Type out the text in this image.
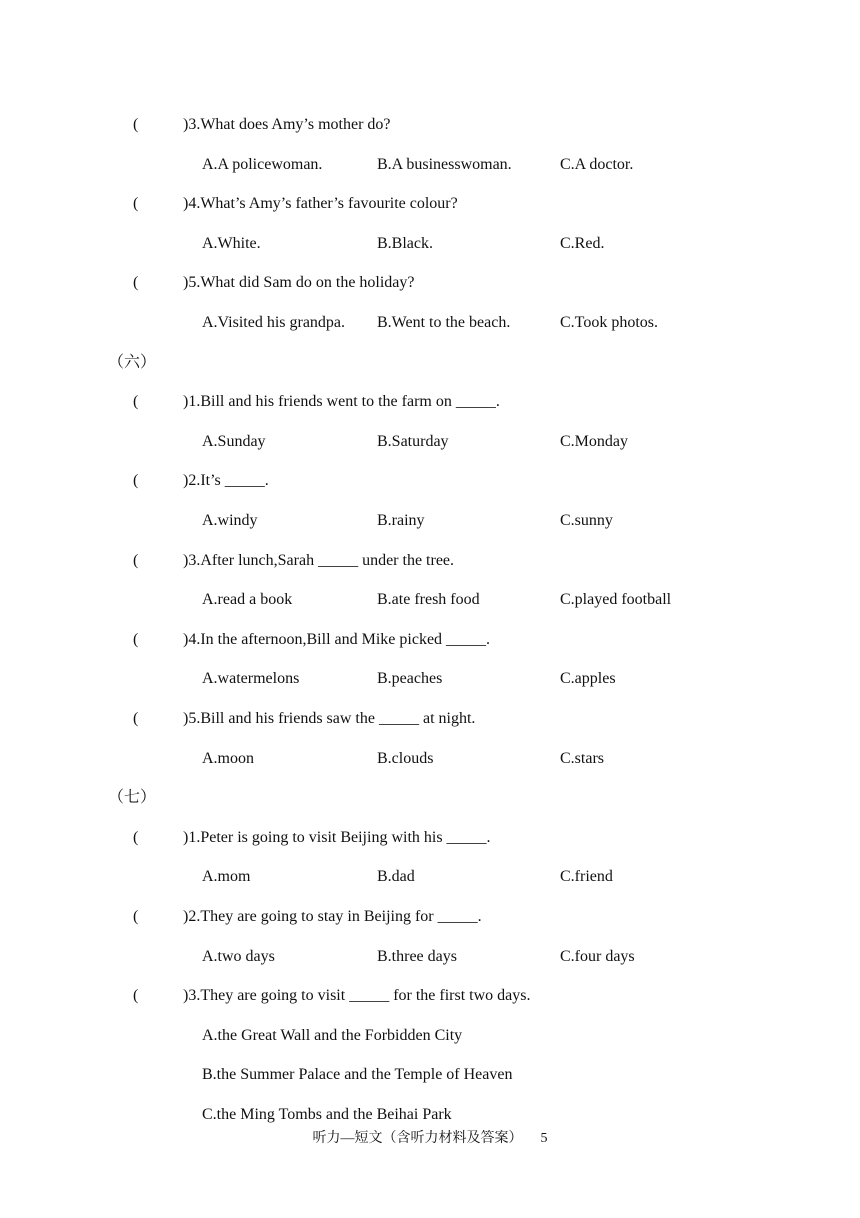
(	)3.What does Amy’s mother do?
A.A policewoman.	B.A businesswoman.	C.A doctor.
(	)4.What’s Amy’s father’s favourite colour?
A.White.	B.Black.	C.Red.
(	)5.What did Sam do on the holiday?
A.Visited his grandpa. B.Went to the beach.	C.Took photos.
（六）
(	)1.Bill and his friends went to the farm on _____.
A.Sunday	B.Saturday	C.Monday
(	)2.It’s _____.
A.windy	B.rainy	C.sunny
(	)3.After lunch,Sarah _____ under the tree.
A.read a book	B.ate fresh food	C.played football
(	)4.In the afternoon,Bill and Mike picked _____.
A.watermelons	B.peaches	C.apples
(	)5.Bill and his friends saw the _____ at night.
A.moon	B.clouds	C.stars
（七）
(	)1.Peter is going to visit Beijing with his _____.
A.mom	B.dad	C.friend
(	)2.They are going to stay in Beijing for _____.
A.two days	B.three days	C.four days
(	)3.They are going to visit _____ for the first two days.
A.the Great Wall and the Forbidden City
B.the Summer Palace and the Temple of Heaven
C.the Ming Tombs and the Beihai Park
听力—短文（含听力材料及答案） 5
